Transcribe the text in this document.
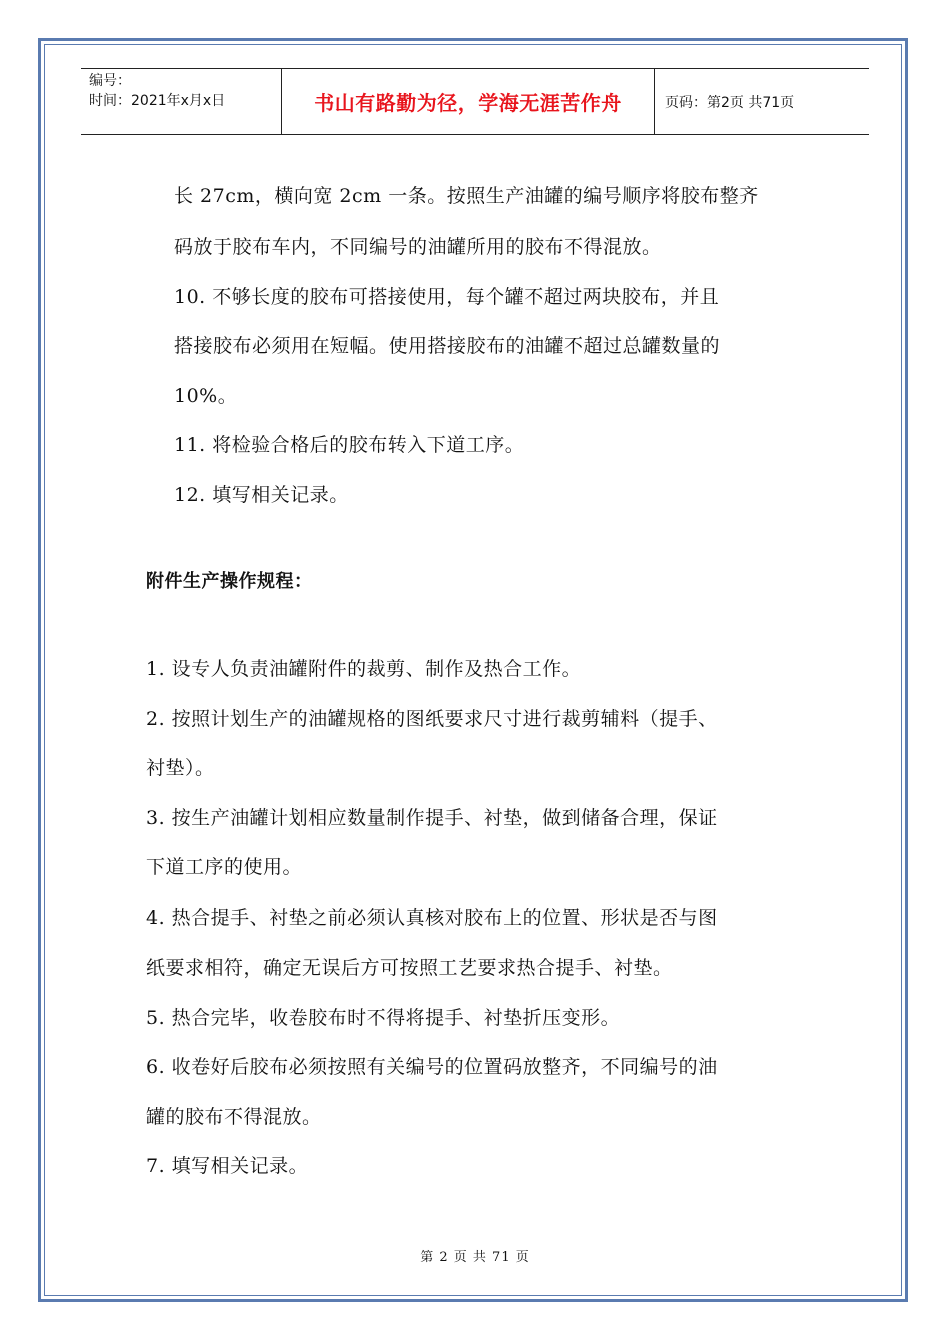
编号：
时间：2021年x月x日	书山有路勤为径，学海无涯苦作舟	页码：第2页 共71页
长 27cm，横向宽 2cm 一条。按照生产油罐的编号顺序将胶布整齐
码放于胶布车内，不同编号的油罐所用的胶布不得混放。
10. 不够长度的胶布可搭接使用，每个罐不超过两块胶布，并且
搭接胶布必须用在短幅。使用搭接胶布的油罐不超过总罐数量的
10%。
11. 将检验合格后的胶布转入下道工序。
12. 填写相关记录。
附件生产操作规程：
1. 设专人负责油罐附件的裁剪、制作及热合工作。
2. 按照计划生产的油罐规格的图纸要求尺寸进行裁剪辅料（提手、
衬垫）。
3. 按生产油罐计划相应数量制作提手、衬垫，做到储备合理，保证
下道工序的使用。
4. 热合提手、衬垫之前必须认真核对胶布上的位置、形状是否与图
纸要求相符，确定无误后方可按照工艺要求热合提手、衬垫。
5. 热合完毕，收卷胶布时不得将提手、衬垫折压变形。
6. 收卷好后胶布必须按照有关编号的位置码放整齐，不同编号的油
罐的胶布不得混放。
7. 填写相关记录。
第 2 页 共 71 页
